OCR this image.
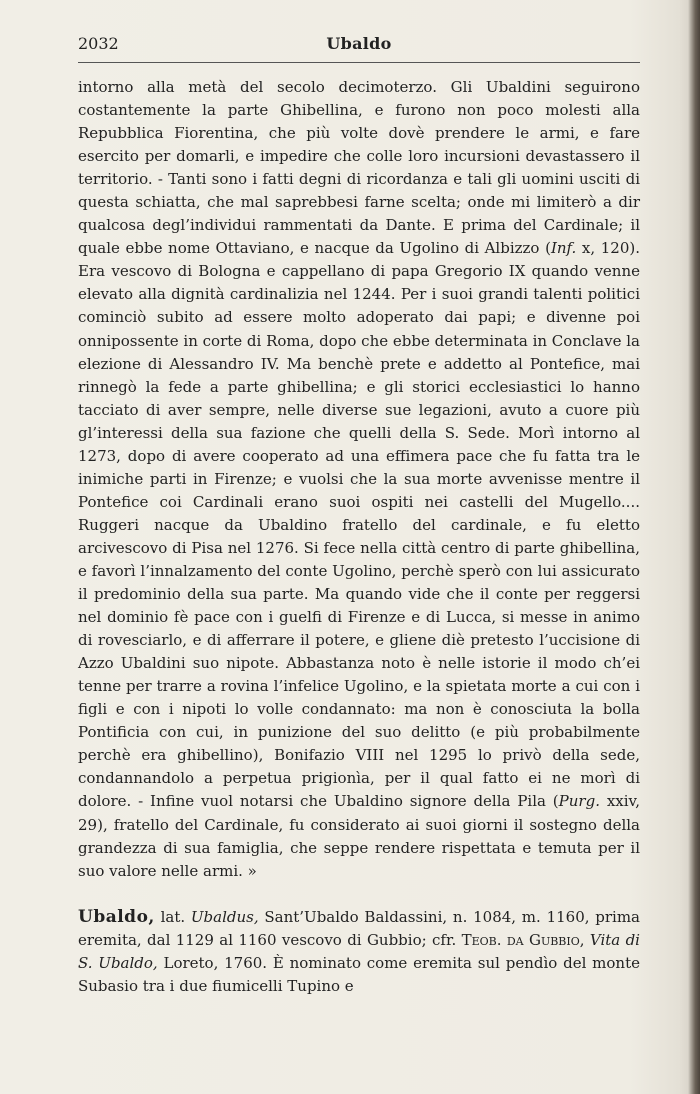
2032	Ubaldo

intorno alla metà del secolo decimoterzo. Gli Ubaldini seguirono costantemente la parte Ghibellina, e furono non poco molesti alla Repubblica Fiorentina, che più volte dovè prendere le armi, e fare esercito per domarli, e impedire che colle loro incursioni devastassero il territorio. - Tanti sono i fatti degni di ricordanza e tali gli uomini usciti di questa schiatta, che mal saprebbesi farne scelta; onde mi limiterò a dir qualcosa degl’individui rammentati da Dante. E prima del Cardinale; il quale ebbe nome Ottaviano, e nacque da Ugolino di Albizzo (Inf. x, 120). Era vescovo di Bologna e cappellano di papa Gregorio IX quando venne elevato alla dignità cardinalizia nel 1244. Per i suoi grandi talenti politici cominciò subito ad essere molto adoperato dai papi; e divenne poi onnipossente in corte di Roma, dopo che ebbe determinata in Conclave la elezione di Alessandro IV. Ma benchè prete e addetto al Pontefice, mai rinnegò la fede a parte ghibellina; e gli storici ecclesiastici lo hanno tacciato di aver sempre, nelle diverse sue legazioni, avuto a cuore più gl’interessi della sua fazione che quelli della S. Sede. Morì intorno al 1273, dopo di avere cooperato ad una effimera pace che fu fatta tra le inimiche parti in Firenze; e vuolsi che la sua morte avvenisse mentre il Pontefice coi Cardinali erano suoi ospiti nei castelli del Mugello.... Ruggeri nacque da Ubaldino fratello del cardinale, e fu eletto arcivescovo di Pisa nel 1276. Si fece nella città centro di parte ghibellina, e favorì l’innalzamento del conte Ugolino, perchè sperò con lui assicurato il predominio della sua parte. Ma quando vide che il conte per reggersi nel dominio fè pace con i guelfi di Firenze e di Lucca, si messe in animo di rovesciarlo, e di afferrare il potere, e gliene diè pretesto l’uccisione di Azzo Ubaldini suo nipote. Abbastanza noto è nelle istorie il modo ch’ei tenne per trarre a rovina l’infelice Ugolino, e la spietata morte a cui con i figli e con i nipoti lo volle condannato: ma non è conosciuta la bolla Pontificia con cui, in punizione del suo delitto (e più probabilmente perchè era ghibellino), Bonifazio VIII nel 1295 lo privò della sede, condannandolo a perpetua prigionìa, per il qual fatto ei ne morì di dolore. - Infine vuol notarsi che Ubaldino signore della Pila (Purg. xxiv, 29), fratello del Cardinale, fu considerato ai suoi giorni il sostegno della grandezza di sua famiglia, che seppe rendere rispettata e temuta per il suo valore nelle armi. »

Ubaldo, lat. Ubaldus, Sant’Ubaldo Baldassini, n. 1084, m. 1160, prima eremita, dal 1129 al 1160 vescovo di Gubbio; cfr. Teob. da Gubbio, Vita di S. Ubaldo, Loreto, 1760. È nominato come eremita sul pendìo del monte Subasio tra i due fiumicelli Tupino e
